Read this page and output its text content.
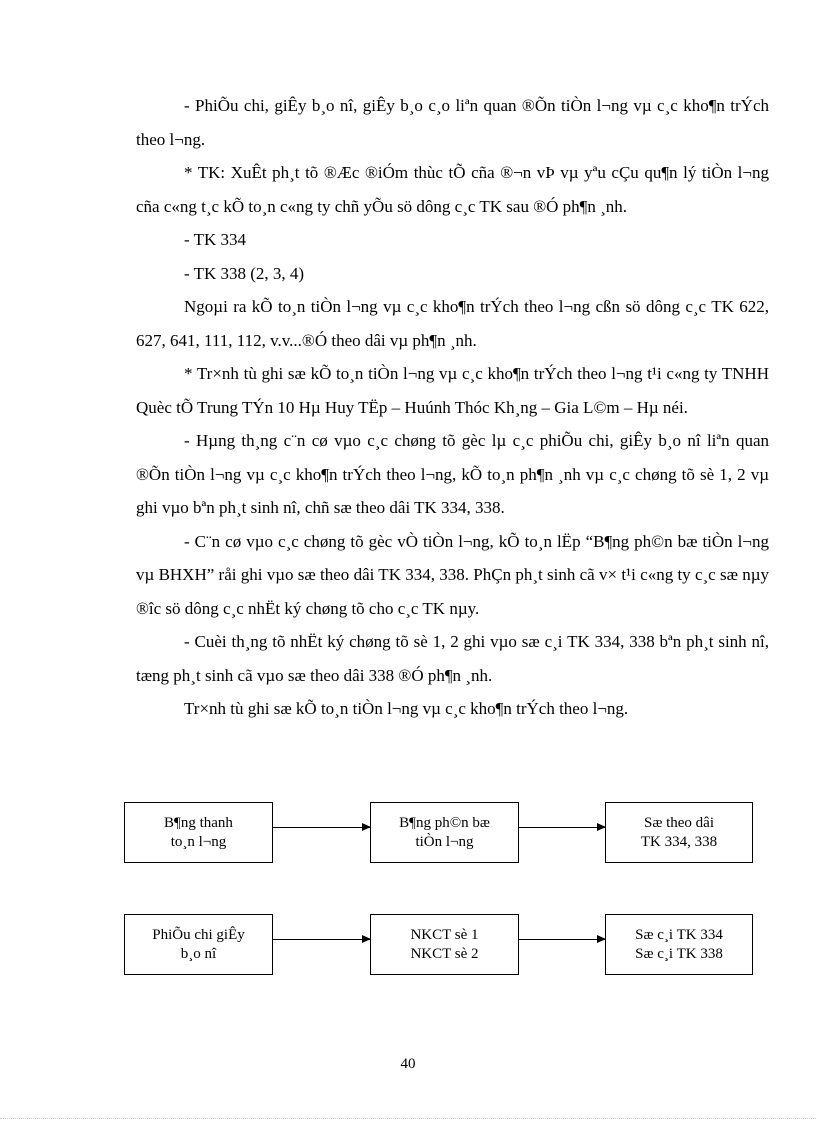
- PhiÕu chi, giÊy b¸o nî, giÊy b¸o c¸o liªn quan ®Õn tiÒn l¬ng vµ c¸c kho¶n trÝch theo l¬ng.

* TK: XuÊt ph¸t tõ ®Æc ®iÓm thùc tÕ cña ®¬n vÞ vµ yªu cÇu qu¶n lý tiÒn l¬ng cña c«ng t¸c kÕ to¸n c«ng ty chñ yÕu sö dông c¸c TK sau ®Ó ph¶n ¸nh.

- TK 334

- TK 338 (2, 3, 4)

Ngoµi ra kÕ to¸n tiÒn l¬ng vµ c¸c kho¶n trÝch theo l¬ng cßn sö dông c¸c TK 622, 627, 641, 111, 112, v.v...®Ó theo dâi vµ ph¶n ¸nh.

* Tr×nh tù ghi sæ kÕ to¸n tiÒn l¬ng vµ c¸c kho¶n trÝch theo l¬ng t¹i c«ng ty TNHH Quèc tÕ Trung TÝn 10 Hµ Huy TËp – Huúnh Thóc Kh¸ng – Gia L©m – Hµ néi.

- Hµng th¸ng c¨n cø vµo c¸c chøng tõ gèc lµ c¸c phiÕu chi, giÊy b¸o nî liªn quan ®Õn tiÒn l¬ng vµ c¸c kho¶n trÝch theo l¬ng, kÕ to¸n ph¶n ¸nh vµ c¸c chøng tõ sè 1, 2 vµ ghi vµo bªn ph¸t sinh nî, chñ sæ theo dâi TK 334, 338.

- C¨n cø vµo c¸c chøng tõ gèc vÒ tiÒn l¬ng, kÕ to¸n lËp “B¶ng ph©n bæ tiÒn l¬ng vµ BHXH” råi ghi vµo sæ theo dâi TK 334, 338. PhÇn ph¸t sinh cã v× t¹i c«ng ty c¸c sæ nµy ®îc sö dông c¸c nhËt ký chøng tõ cho c¸c TK nµy.

- Cuèi th¸ng tõ nhËt ký chøng tõ sè 1, 2 ghi vµo sæ c¸i TK 334, 338 bªn ph¸t sinh nî, tæng ph¸t sinh cã vµo sæ theo dâi 338 ®Ó ph¶n ¸nh.

Tr×nh tù ghi sæ kÕ to¸n tiÒn l¬ng vµ c¸c kho¶n trÝch theo l¬ng.

B¶ng thanh
to¸n l¬ng
B¶ng ph©n bæ
tiÒn l¬ng
Sæ theo dâi
TK 334, 338
PhiÕu chi giÊy
b¸o nî
NKCT sè 1
NKCT sè 2
Sæ c¸i TK 334
Sæ c¸i TK 338
40
